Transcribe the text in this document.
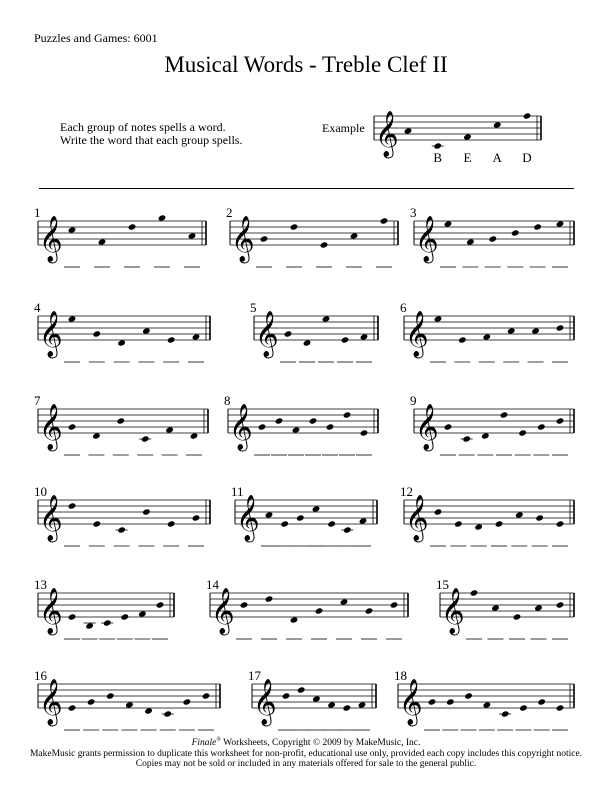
Puzzles and Games: 6001
Musical Words - Treble Clef II
Each group of notes spells a word.
Write the word that each group spells.
Example
Finale® Worksheets, Copyright © 2009 by MakeMusic, Inc.
MakeMusic grants permission to duplicate this worksheet for non-profit, educational use only, provided each copy includes this copyright notice.
Copies may not be sold or included in any materials offered for sale to the general public.
𝄞
B E A D
𝄞
1
𝄞
2
𝄞
3
𝄞
4
𝄞
5
𝄞
6
𝄞
7
𝄞
8
𝄞
9
𝄞
10
𝄞
11
𝄞
12
𝄞
13
𝄞
14
𝄞
15
𝄞
16
𝄞
17
𝄞
18
